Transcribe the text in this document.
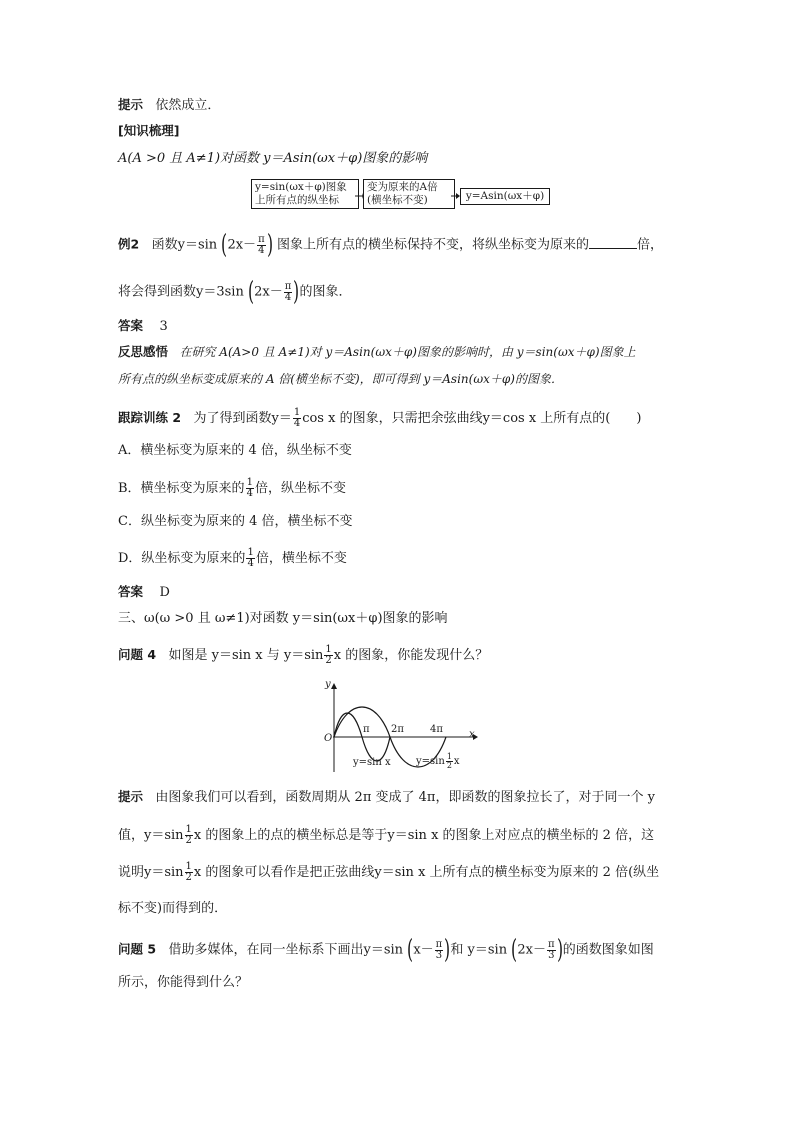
提示 依然成立．
[知识梳理]
A(A >0 且 A≠1)对函数 y＝Asin(ωx＋φ)图象的影响
y=sin(ωx＋φ)图象
上所有点的纵坐标
变为原来的A倍
(横坐标不变)	y=Asin(ωx＋φ)
例2 函数y＝sin ($2x- \frac{\pi}{4}$ ) 图象上所有点的横坐标保持不变，将纵坐标变为原来的	倍，
将会得到函数y＝3sin ($2x- \frac{\pi}{4}$ )的图象．
答案 3
反思感悟 在研究 A(A>0 且 A≠1)对 y＝Asin(ωx＋φ)图象的影响时，由 y＝sin(ωx＋φ)图象上
所有点的纵坐标变成原来的 A 倍(横坐标不变)，即可得到 y＝Asin(ωx＋φ)的图象．
跟踪训练 2 为了得到函数$y= \frac{1}{4}$ cos x 的图象，只需把余弦曲线y＝cos x 上所有点的(　　)
A．横坐标变为原来的 4 倍，纵坐标不变
B．横坐标变为原来的 $\frac{1}{4}$ 倍，纵坐标不变
C．纵坐标变为原来的 4 倍，横坐标不变
D．纵坐标变为原来的 $\frac{1}{4}$ 倍，横坐标不变
答案 D
三、ω(ω >0 且 ω≠1)对函数 y＝sin(ωx＋φ)图象的影响
问题 4 如图是 y＝sin x 与 $y=\sin \frac{1}{2}$ x 的图象，你能发现什么？
y
x
O
π 2π	4π
y=sin x	$y=\sin \frac{1}{2}$ x
提示 由图象我们可以看到，函数周期从 2π 变成了 4π，即函数的图象拉长了，对于同一个 y
值，$y=\sin \frac{1}{2}$ x 的图象上的点的横坐标总是等于y＝sin x 的图象上对应点的横坐标的 2 倍，这
说明$y=\sin \frac{1}{2}$ x 的图象可以看作是把正弦曲线y＝sin x 上所有点的横坐标变为原来的 2 倍(纵坐
标不变)而得到的．
问题 5 借助多媒体，在同一坐标系下画出y＝sin ($x- \frac{\pi}{3}$ )和 y＝sin ($2x- \frac{\pi}{3}$ )的函数图象如图
所示，你能得到什么？
